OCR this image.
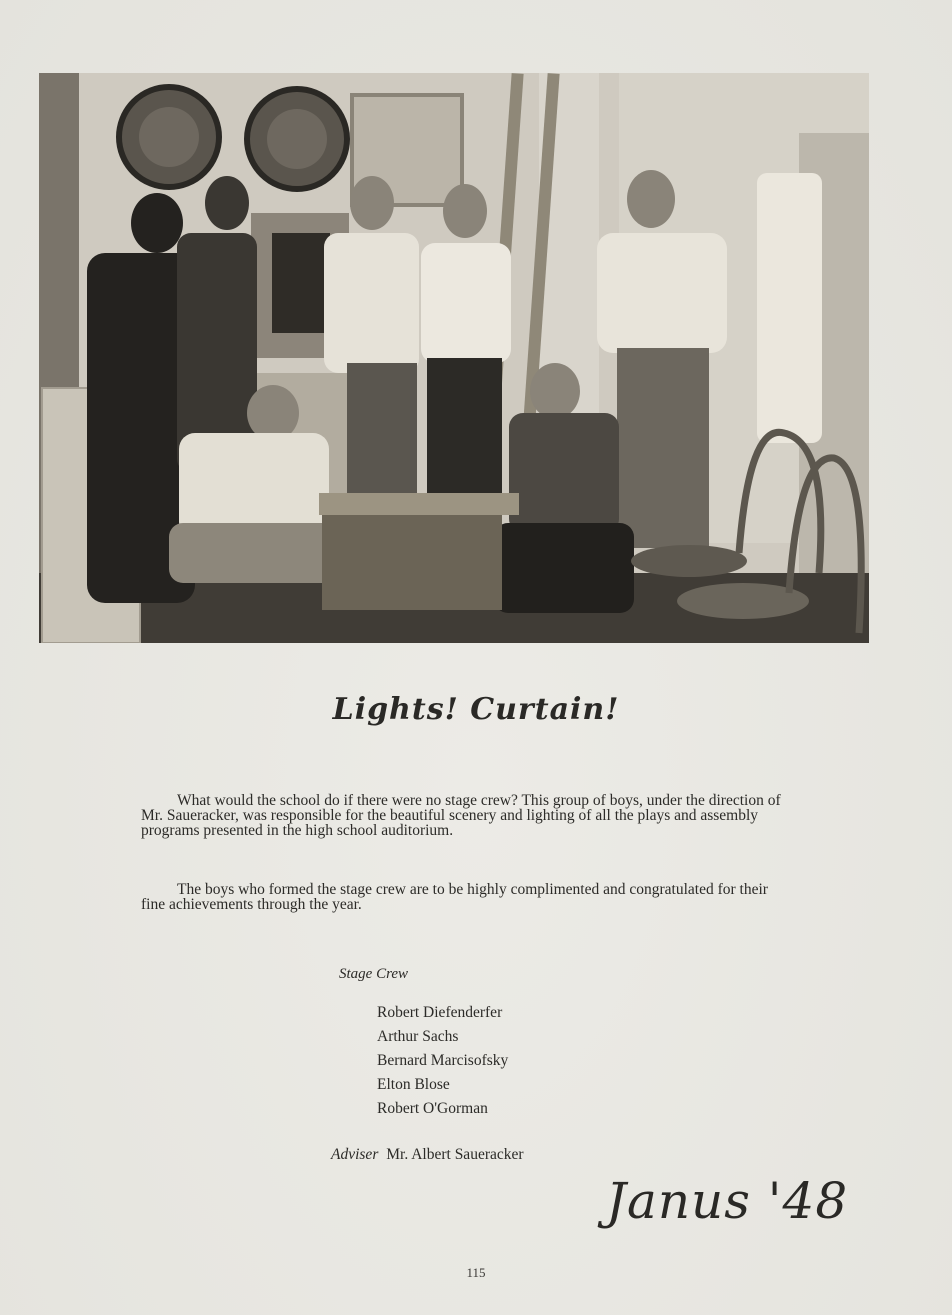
Lights! Curtain!

What would the school do if there were no stage crew? This group of boys, under the direction of Mr. Saueracker, was responsible for the beautiful scenery and lighting of all the plays and assembly programs presented in the high school auditorium.

The boys who formed the stage crew are to be highly complimented and congratulated for their fine achievements through the year.

Stage Crew
Robert Diefenderfer
Arthur Sachs
Bernard Marcisofsky
Elton Blose
Robert O'Gorman
Adviser Mr. Albert Saueracker
Janus '48
115
